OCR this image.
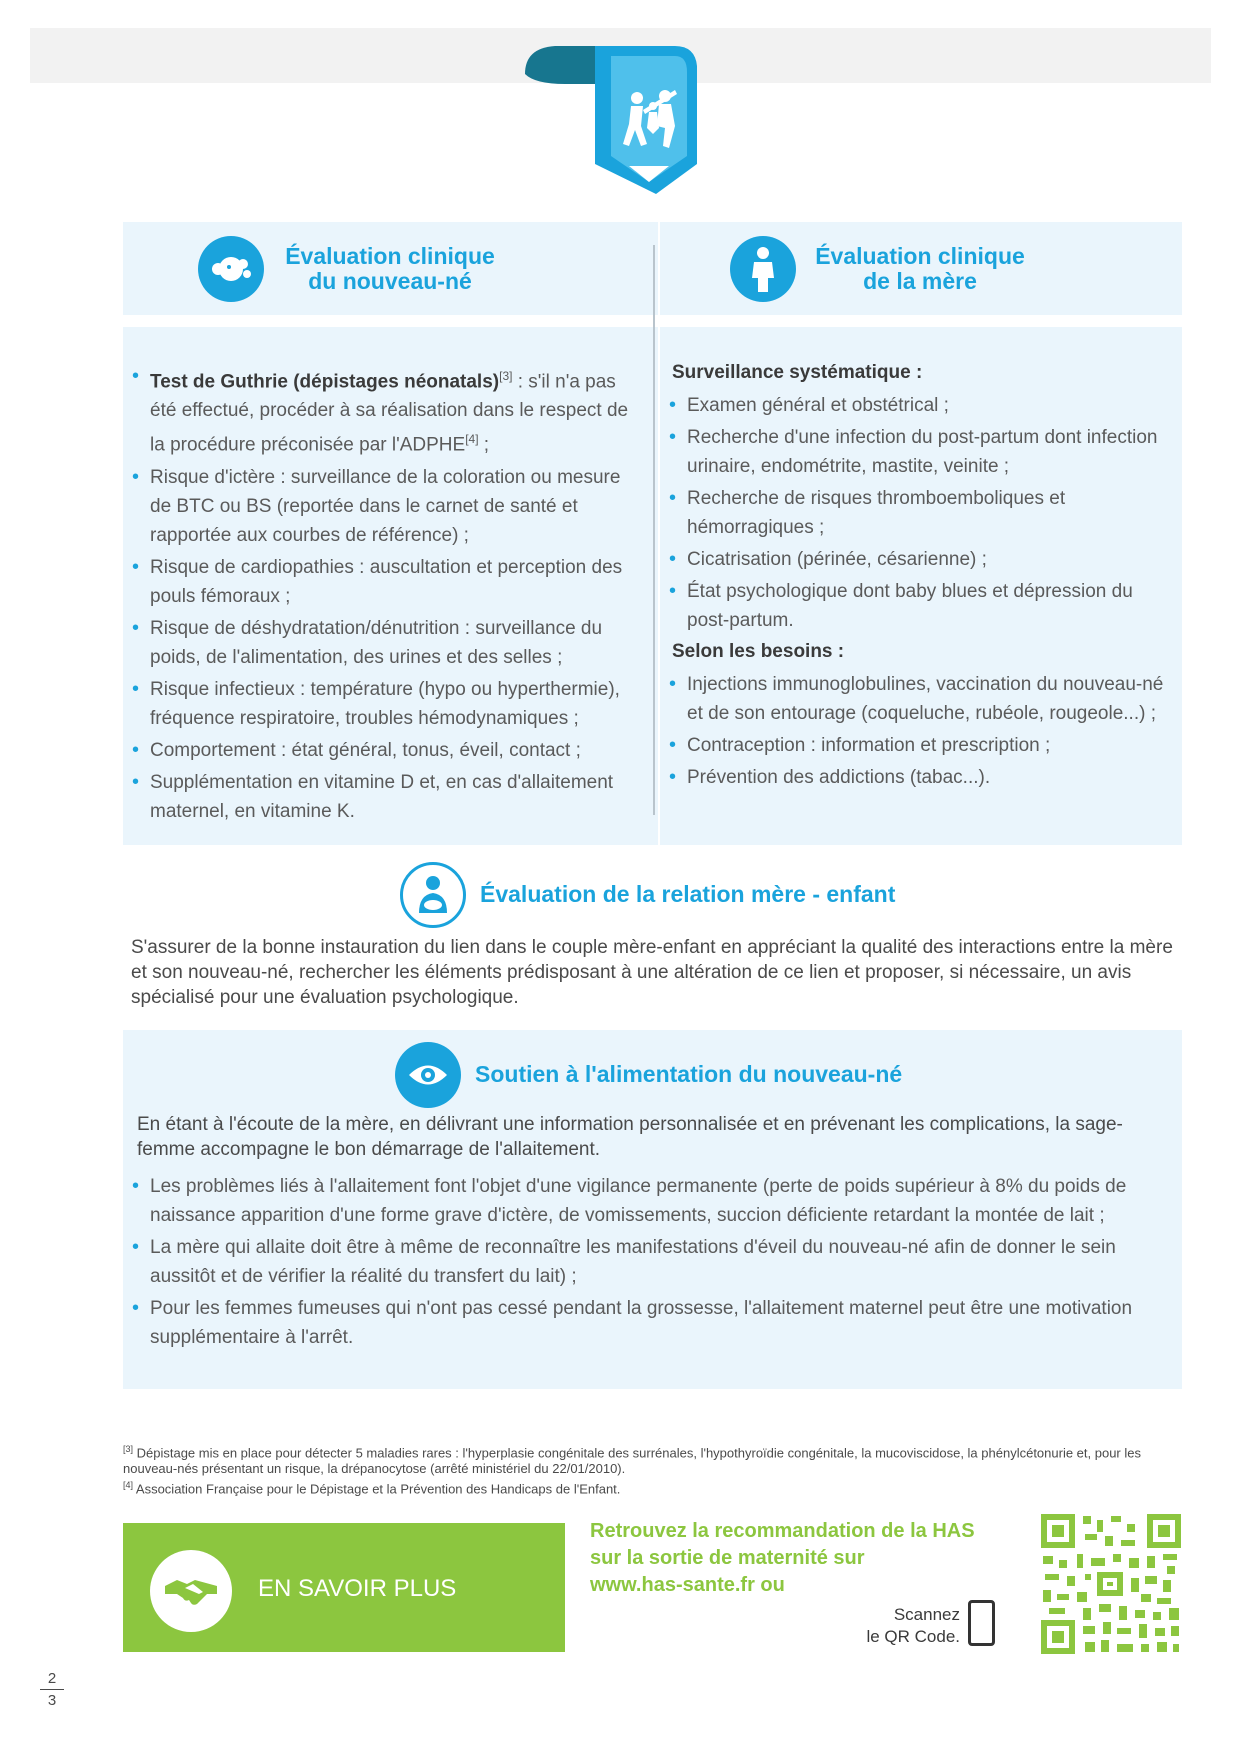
Évaluation clinique
du nouveau-né
Évaluation clinique
de la mère
• Test de Guthrie (dépistages néonatals)[3] : s'il n'a pas été effectué, procéder à sa réalisation dans le respect de la procédure préconisée par l'ADPHE[4] ;
• Risque d'ictère : surveillance de la coloration ou mesure de BTC ou BS (reportée dans le carnet de santé et rapportée aux courbes de référence) ;
• Risque de cardiopathies : auscultation et perception des pouls fémoraux ;
• Risque de déshydratation/dénutrition : surveillance du poids, de l'alimentation, des urines et des selles ;
• Risque infectieux : température (hypo ou hyperthermie), fréquence respiratoire, troubles hémodynamiques ;
• Comportement : état général, tonus, éveil, contact ;
• Supplémentation en vitamine D et, en cas d'allaitement maternel, en vitamine K.
Surveillance systématique :
• Examen général et obstétrical ;
• Recherche d'une infection du post-partum dont infection urinaire, endométrite, mastite, veinite ;
• Recherche de risques thromboemboliques et hémorragiques ;
• Cicatrisation (périnée, césarienne) ;
• État psychologique dont baby blues et dépression du post-partum.
Selon les besoins :
• Injections immunoglobulines, vaccination du nouveau-né et de son entourage (coqueluche, rubéole, rougeole...) ;
• Contraception : information et prescription ;
• Prévention des addictions (tabac...).
Évaluation de la relation mère - enfant
S'assurer de la bonne instauration du lien dans le couple mère-enfant en appréciant la qualité des interactions entre la mère et son nouveau-né, rechercher les éléments prédisposant à une altération de ce lien et proposer, si nécessaire, un avis spécialisé pour une évaluation psychologique.
Soutien à l'alimentation du nouveau-né
En étant à l'écoute de la mère, en délivrant une information personnalisée et en prévenant les complications, la sage-femme accompagne le bon démarrage de l'allaitement.
• Les problèmes liés à l'allaitement font l'objet d'une vigilance permanente (perte de poids supérieur à 8% du poids de naissance apparition d'une forme grave d'ictère, de vomissements, succion déficiente retardant la montée de lait ;
• La mère qui allaite doit être à même de reconnaître les manifestations d'éveil du nouveau-né afin de donner le sein aussitôt et de vérifier la réalité du transfert du lait) ;
• Pour les femmes fumeuses qui n'ont pas cessé pendant la grossesse, l'allaitement maternel peut être une motivation supplémentaire à l'arrêt.
[3] Dépistage mis en place pour détecter 5 maladies rares : l'hyperplasie congénitale des surrénales, l'hypothyroïdie congénitale, la mucoviscidose, la phénylcétonurie et, pour les nouveau-nés présentant un risque, la drépanocytose (arrêté ministériel du 22/01/2010).
[4] Association Française pour le Dépistage et la Prévention des Handicaps de l'Enfant.
EN SAVOIR PLUS
Retrouvez la recommandation de la HAS
sur la sortie de maternité sur
www.has-sante.fr ou
Scannez
le QR Code.
2
3
